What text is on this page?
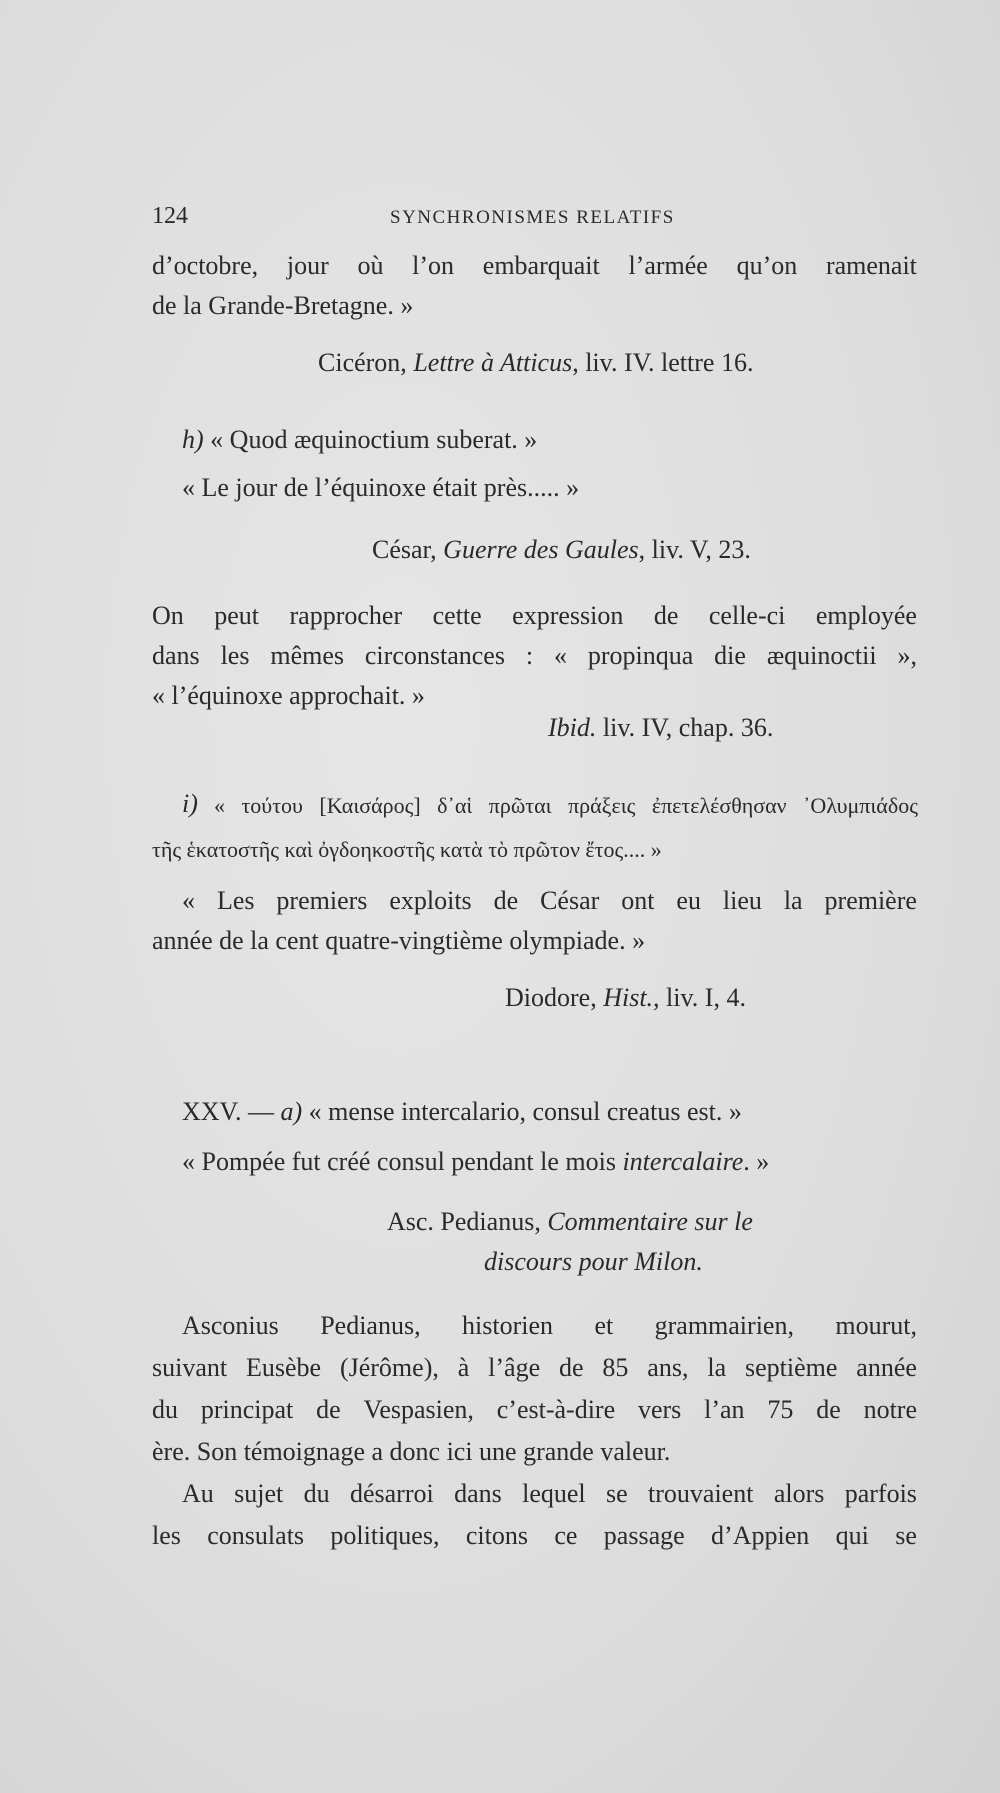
124	SYNCHRONISMES RELATIFS
d’octobre, jour où l’on embarquait l’armée qu’on ramenait
de la Grande-Bretagne. »
Cicéron, Lettre à Atticus, liv. IV. lettre 16.
h) « Quod æquinoctium suberat. »
« Le jour de l’équinoxe était près..... »
César, Guerre des Gaules, liv. V, 23.
On peut rapprocher cette expression de celle-ci employée
dans les mêmes circonstances : « propinqua die æquinoctii »,
« l’équinoxe approchait. »
Ibid. liv. IV, chap. 36.
i) « τούτου [Καισάρος] δ᾽αἱ πρῶται πράξεις ἐπετελέσθησαν ᾽Ολυμπιάδος
τῆς ἑκατοστῆς καὶ ὀγδοηκοστῆς κατὰ τὸ πρῶτον ἔτος.... »
« Les premiers exploits de César ont eu lieu la première
année de la cent quatre-vingtième olympiade. »
Diodore, Hist., liv. I, 4.
XXV. — a) « mense intercalario, consul creatus est. »
« Pompée fut créé consul pendant le mois intercalaire. »
Asc. Pedianus, Commentaire sur le
discours pour Milon.
Asconius Pedianus, historien et grammairien, mourut,
suivant Eusèbe (Jérôme), à l’âge de 85 ans, la septième année
du principat de Vespasien, c’est-à-dire vers l’an 75 de notre
ère. Son témoignage a donc ici une grande valeur.
Au sujet du désarroi dans lequel se trouvaient alors parfois
les consulats politiques, citons ce passage d’Appien qui se
